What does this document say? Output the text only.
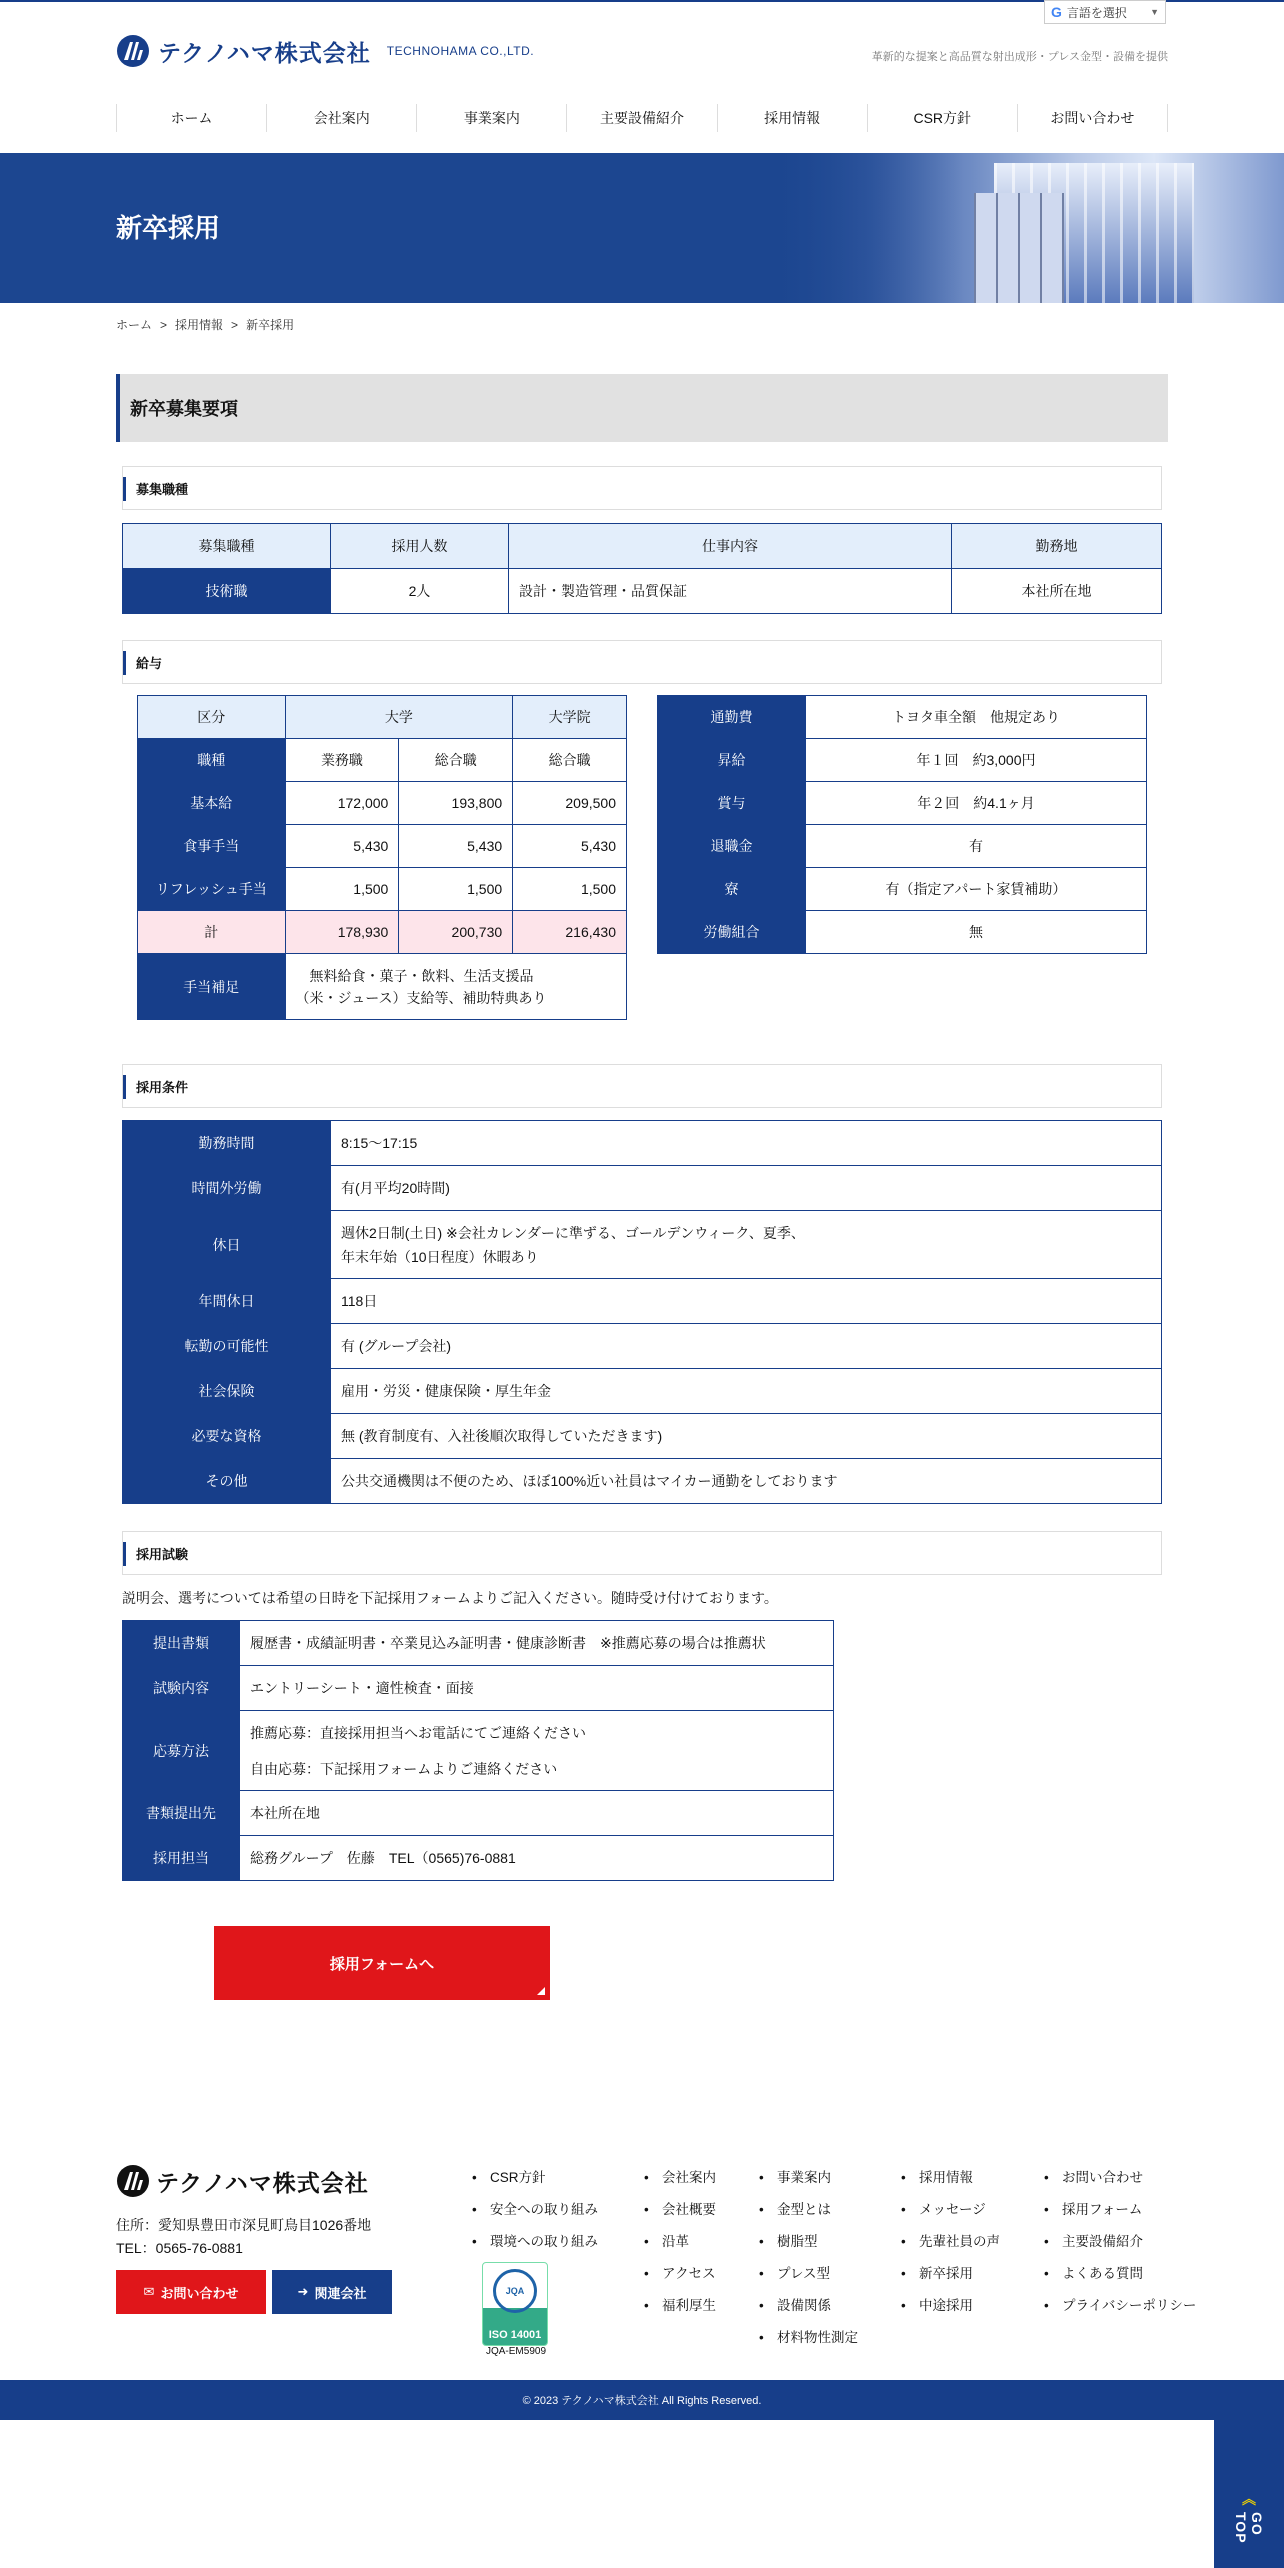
G 言語を選択	▼
テクノハマ株式会社 TECHNOHAMA CO.,LTD.	革新的な提案と高品質な射出成形・プレス金型・設備を提供
ホーム	会社案内	事業案内	主要設備紹介	採用情報	CSR方針	お問い合わせ
新卒採用
ホーム > 採用情報 > 新卒採用
新卒募集要項
募集職種
募集職種	採用人数	仕事内容	勤務地
技術職	2人	設計・製造管理・品質保証	本社所在地
給与
区分	大学		大学院
職種	業務職	総合職	総合職
基本給	172,000	193,800	209,500
食事手当	5,430	5,430	5,430
リフレッシュ手当	1,500	1,500	1,500
計	178,930	200,730	216,430
手当補足	無料給食・菓子・飲料、生活支援品
（米・ジュース）支給等、補助特典あり		
通勤費	トヨタ車全額　他規定あり
昇給	年１回　約3,000円
賞与	年２回　約4.1ヶ月
退職金	有
寮	有（指定アパート家賃補助）
労働組合	無
採用条件
勤務時間	8:15～17:15
時間外労働	有(月平均20時間)
休日	週休2日制(土日) ※会社カレンダーに準ずる、ゴールデンウィーク、夏季、
年末年始（10日程度）休暇あり

年間休日	118日
転勤の可能性	有 (グループ会社)
社会保険	雇用・労災・健康保険・厚生年金
必要な資格	無 (教育制度有、入社後順次取得していただきます)
その他	公共交通機関は不便のため、ほぼ100%近い社員はマイカー通勤をしております
採用試験
説明会、選考については希望の日時を下記採用フォームよりご記入ください。随時受け付けております。
提出書類	履歴書・成績証明書・卒業見込み証明書・健康診断書　※推薦応募の場合は推薦状
試験内容	エントリーシート・適性検査・面接
応募方法	推薦応募：直接採用担当へお電話にてご連絡ください
自由応募：下記採用フォームよりご連絡ください

書類提出先	本社所在地
採用担当	総務グループ　佐藤　TEL（0565)76-0881
採用フォームへ
テクノハマ株式会社
住所：愛知県豊田市深見町鳥目1026番地
TEL：0565-76-0881
✉ お問い合わせ	➜ 関連会社
• CSR方針
• 安全への取り組み
• 環境への取り組み
JQA
ISO 14001
JQA-EM5909
• 会社案内
• 会社概要
• 沿革
• アクセス
• 福利厚生
• 事業案内
• 金型とは
• 樹脂型
• プレス型
• 設備関係
• 材料物性測定
• 採用情報
• メッセージ
• 先輩社員の声
• 新卒採用
• 中途採用
• お問い合わせ
• 採用フォーム
• 主要設備紹介
• よくある質問
• プライバシーポリシー
© 2023 テクノハマ株式会社 All Rights Reserved.
︽
GO TOP
